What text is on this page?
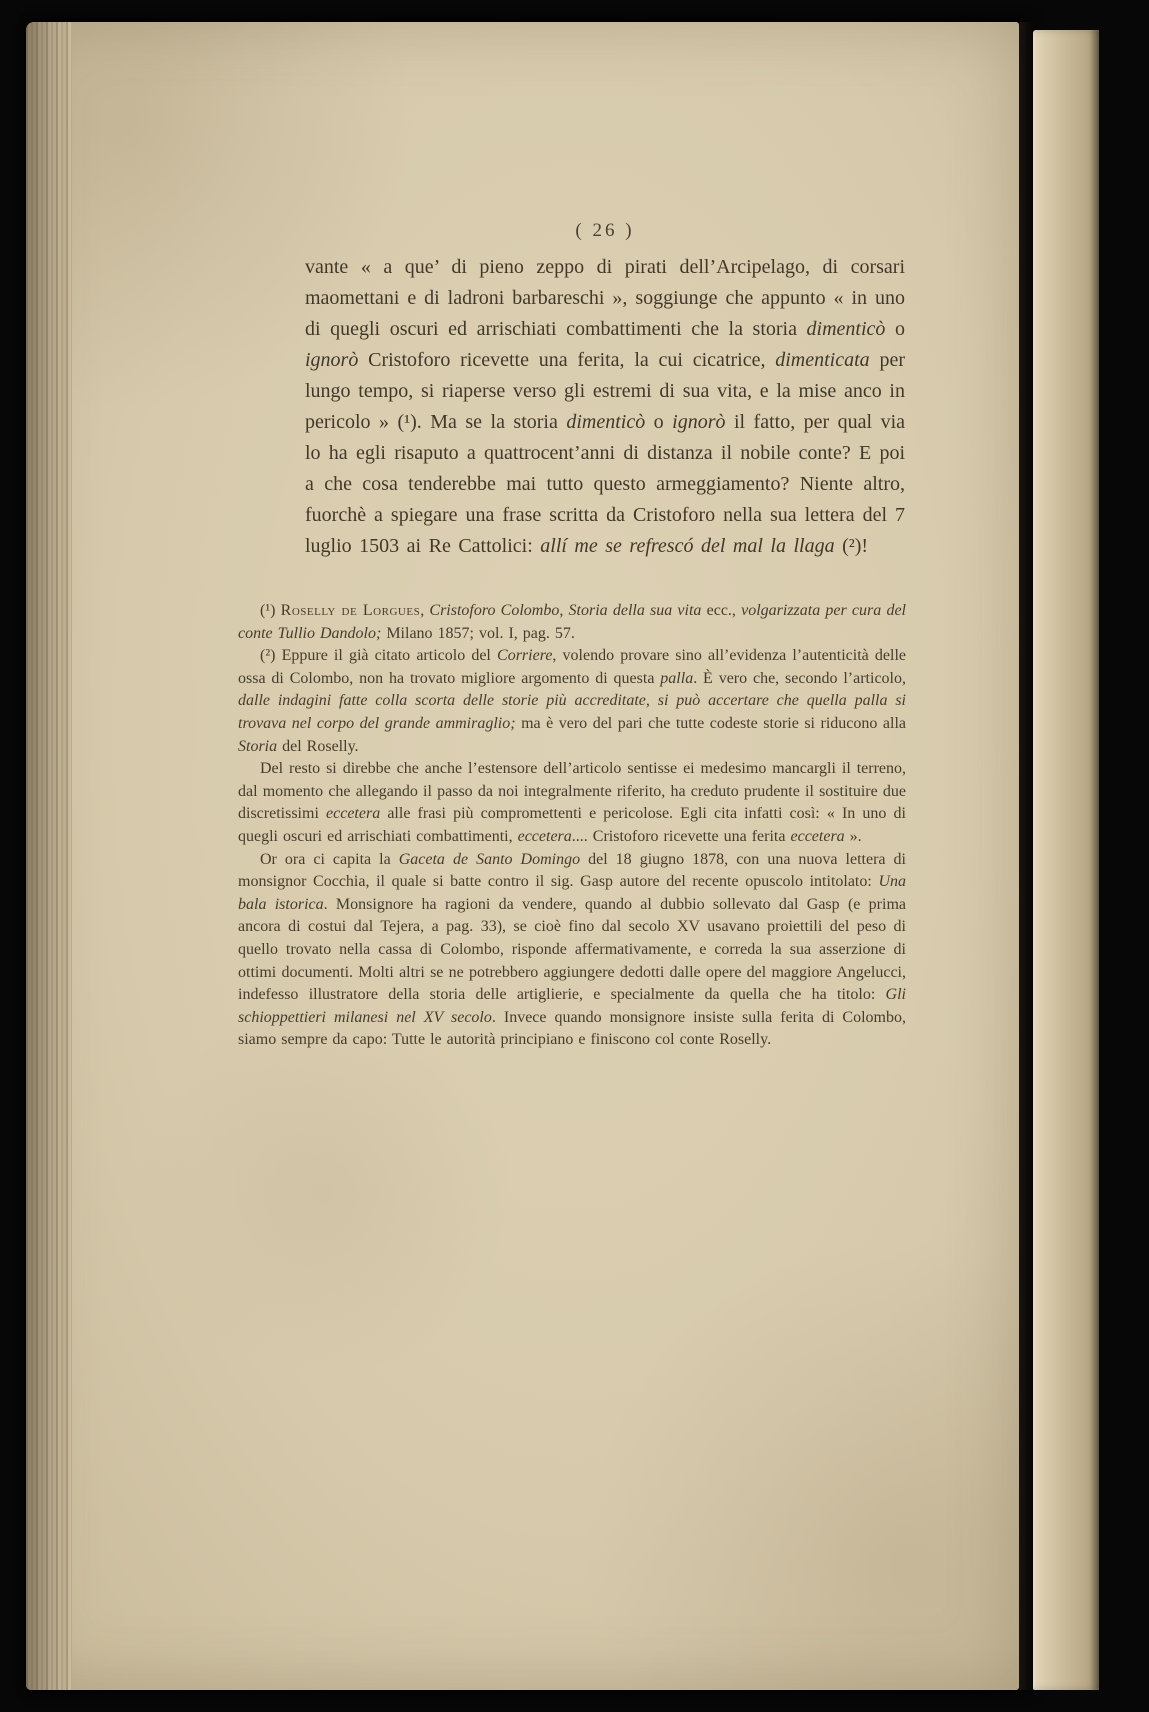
( 26 )
vante « a que’ di pieno zeppo di pirati dell’Arcipelago, di corsari maomettani e di ladroni barbareschi », soggiunge che appunto « in uno di quegli oscuri ed arrischiati combattimenti che la storia dimenticò o ignorò Cristoforo ricevette una ferita, la cui cicatrice, dimenticata per lungo tempo, si riaperse verso gli estremi di sua vita, e la mise anco in pericolo » (¹). Ma se la storia dimenticò o ignorò il fatto, per qual via lo ha egli risaputo a quattrocent’anni di distanza il nobile conte? E poi a che cosa tenderebbe mai tutto questo armeggiamento? Niente altro, fuorchè a spiegare una frase scritta da Cristoforo nella sua lettera del 7 luglio 1503 ai Re Cattolici: allí me se refrescó del mal la llaga (²)!

(¹) Roselly de Lorgues, Cristoforo Colombo, Storia della sua vita ecc., volgarizzata per cura del conte Tullio Dandolo; Milano 1857; vol. I, pag. 57.

(²) Eppure il già citato articolo del Corriere, volendo provare sino all’evidenza l’autenticità delle ossa di Colombo, non ha trovato migliore argomento di questa palla. È vero che, secondo l’articolo, dalle indagini fatte colla scorta delle storie più accreditate, si può accertare che quella palla si trovava nel corpo del grande ammiraglio; ma è vero del pari che tutte codeste storie si riducono alla Storia del Roselly.

Del resto si direbbe che anche l’estensore dell’articolo sentisse ei medesimo mancargli il terreno, dal momento che allegando il passo da noi integralmente riferito, ha creduto prudente il sostituire due discretissimi eccetera alle frasi più compromettenti e pericolose. Egli cita infatti così: « In uno di quegli oscuri ed arrischiati combattimenti, eccetera.... Cristoforo ricevette una ferita eccetera ».

Or ora ci capita la Gaceta de Santo Domingo del 18 giugno 1878, con una nuova lettera di monsignor Cocchia, il quale si batte contro il sig. Gasp autore del recente opuscolo intitolato: Una bala istorica. Monsignore ha ragioni da vendere, quando al dubbio sollevato dal Gasp (e prima ancora di costui dal Tejera, a pag. 33), se cioè fino dal secolo XV usavano proiettili del peso di quello trovato nella cassa di Colombo, risponde affermativamente, e correda la sua asserzione di ottimi documenti. Molti altri se ne potrebbero aggiungere dedotti dalle opere del maggiore Angelucci, indefesso illustratore della storia delle artiglierie, e specialmente da quella che ha titolo: Gli schioppettieri milanesi nel XV secolo. Invece quando monsignore insiste sulla ferita di Colombo, siamo sempre da capo: Tutte le autorità principiano e finiscono col conte Roselly.
